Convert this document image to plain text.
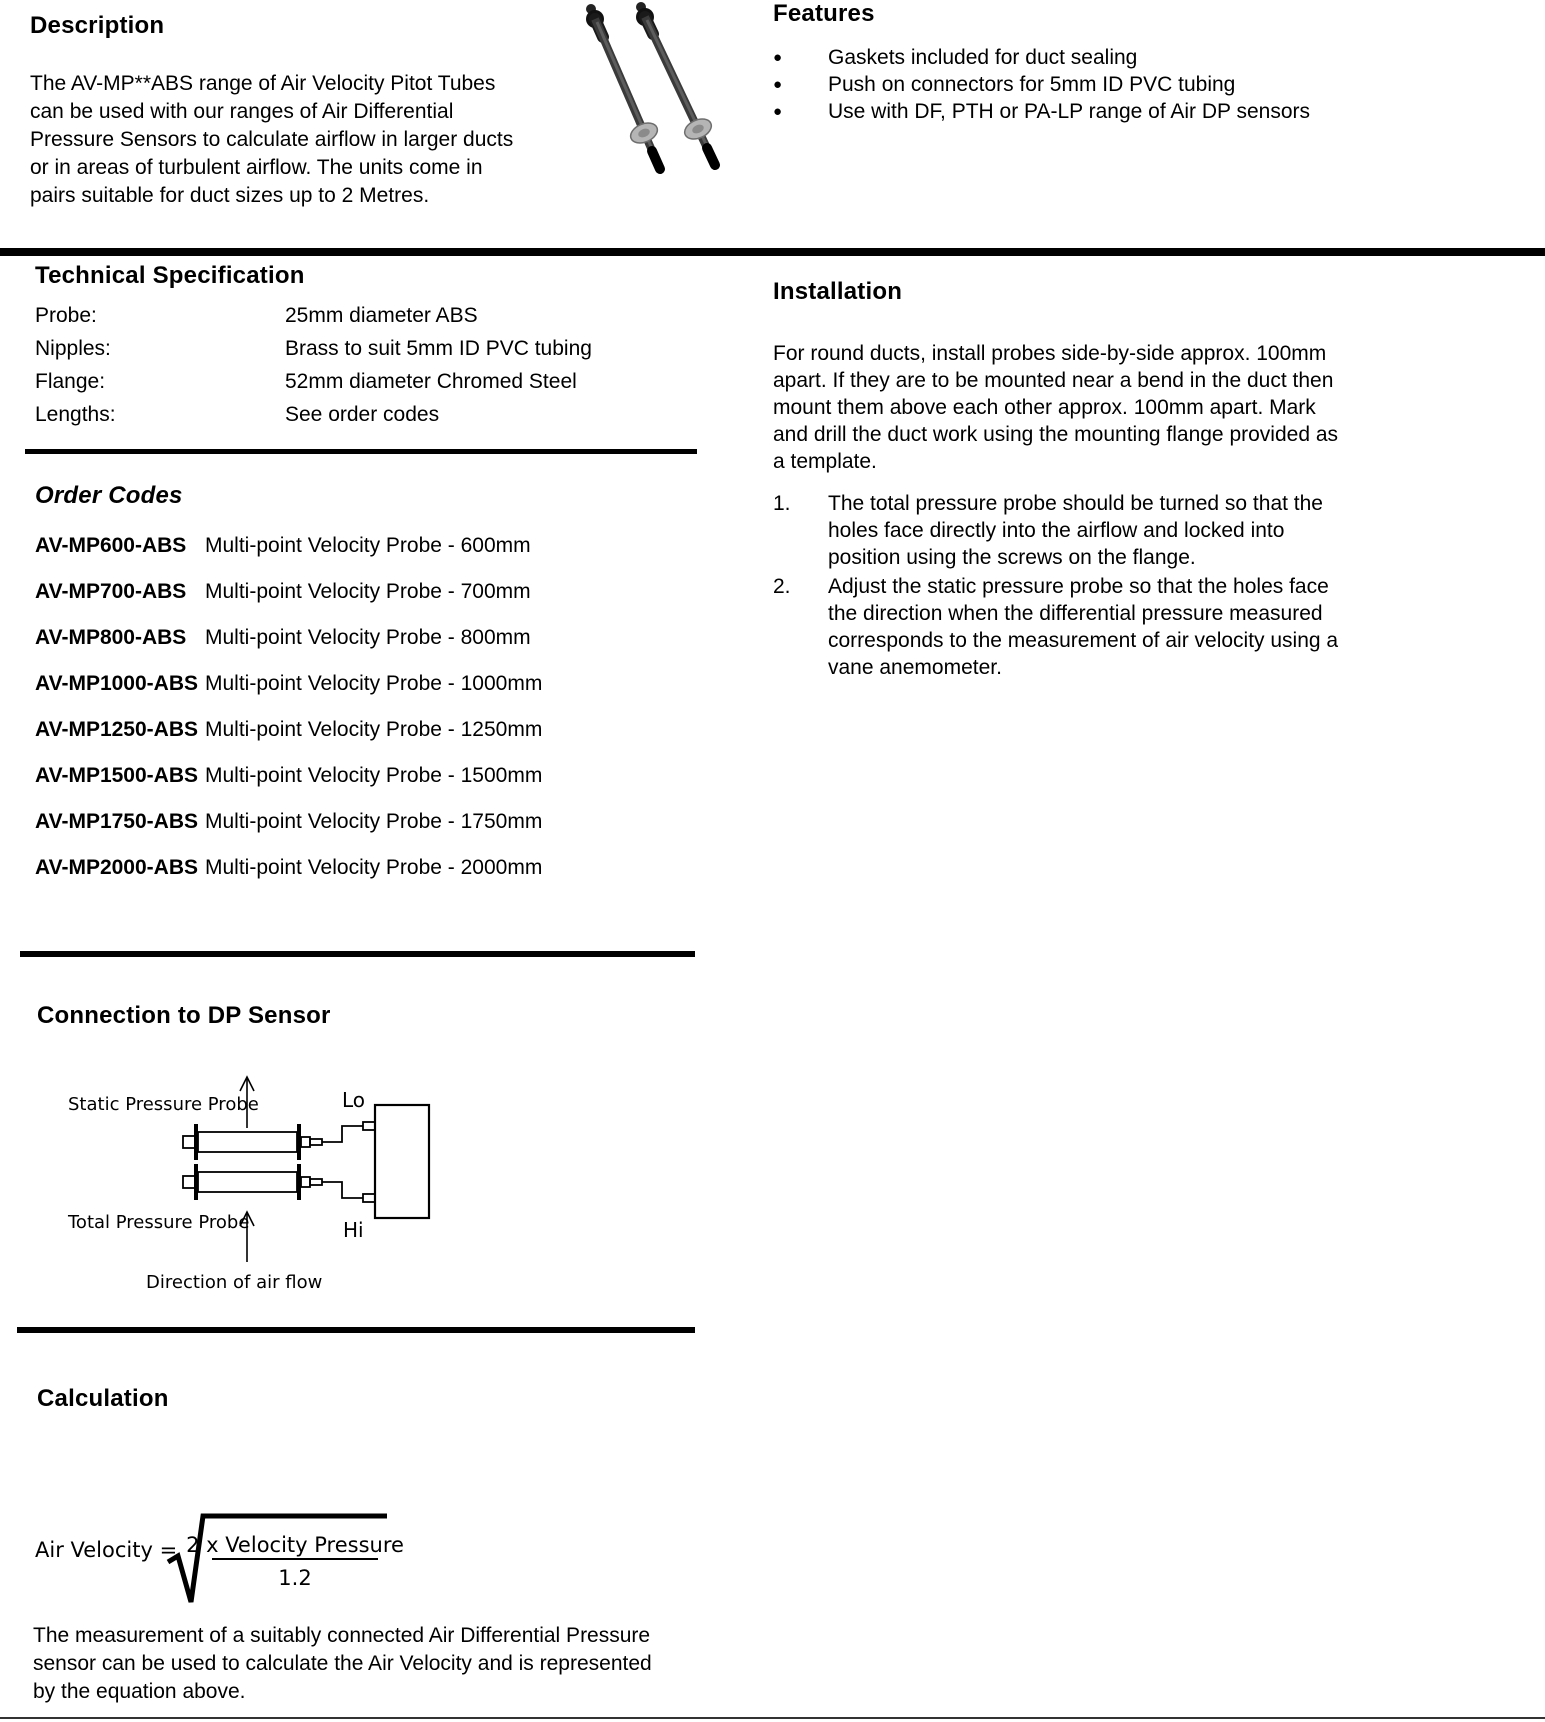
Description
The AV-MP**ABS range of Air Velocity Pitot Tubes can be used with our ranges of Air Differential Pressure Sensors to calculate airflow in larger ducts or in areas of turbulent airflow. The units come in pairs suitable for duct sizes up to 2 Metres.
Features
●	Gaskets included for duct sealing
●	Push on connectors for 5mm ID PVC tubing
●	Use with DF, PTH or PA-LP range of Air DP sensors
Technical Specification
Probe:	25mm diameter ABS
Nipples:	Brass to suit 5mm ID PVC tubing
Flange:	52mm diameter Chromed Steel
Lengths:	See order codes
Installation
For round ducts, install probes side-by-side approx. 100mm apart. If they are to be mounted near a bend in the duct then mount them above each other approx. 100mm apart. Mark and drill the duct work using the mounting flange provided as a template.
1.	The total pressure probe should be turned so that the holes face directly into the airflow and locked into position using the screws on the flange.
2.	Adjust the static pressure probe so that the holes face the direction when the differential pressure measured corresponds to the measurement of air velocity using a vane anemometer.
Order Codes
AV-MP600-ABS Multi-point Velocity Probe - 600mm
AV-MP700-ABS Multi-point Velocity Probe - 700mm
AV-MP800-ABS Multi-point Velocity Probe - 800mm
AV-MP1000-ABS Multi-point Velocity Probe - 1000mm
AV-MP1250-ABS Multi-point Velocity Probe - 1250mm
AV-MP1500-ABS Multi-point Velocity Probe - 1500mm
AV-MP1750-ABS Multi-point Velocity Probe - 1750mm
AV-MP2000-ABS Multi-point Velocity Probe - 2000mm
Connection to DP Sensor
Static Pressure Probe	Lo
Hi
Total Pressure Probe
Direction of air flow
Calculation
Air Velocity = 2 x Velocity Pressure
1.2
The measurement of a suitably connected Air Differential Pressure sensor can be used to calculate the Air Velocity and is represented by the equation above.
